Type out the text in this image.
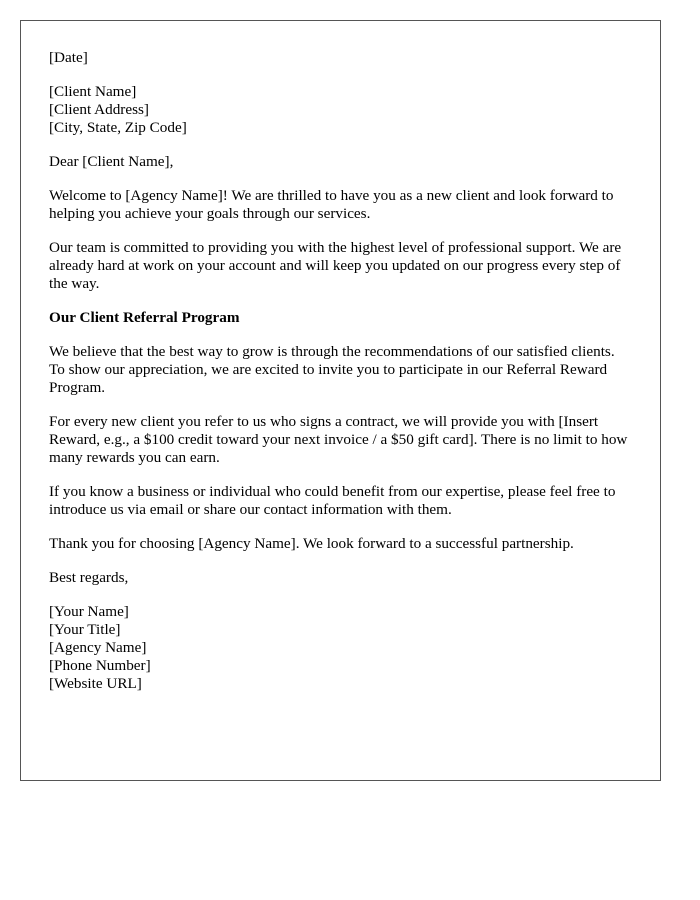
[Date]

[Client Name]
[Client Address]
[City, State, Zip Code]

Dear [Client Name],

Welcome to [Agency Name]! We are thrilled to have you as a new client and look forward to helping you achieve your goals through our services.

Our team is committed to providing you with the highest level of professional support. We are already hard at work on your account and will keep you updated on our progress every step of the way.

Our Client Referral Program

We believe that the best way to grow is through the recommendations of our satisfied clients. To show our appreciation, we are excited to invite you to participate in our Referral Reward Program.

For every new client you refer to us who signs a contract, we will provide you with [Insert Reward, e.g., a $100 credit toward your next invoice / a $50 gift card]. There is no limit to how many rewards you can earn.

If you know a business or individual who could benefit from our expertise, please feel free to introduce us via email or share our contact information with them.

Thank you for choosing [Agency Name]. We look forward to a successful partnership.

Best regards,

[Your Name]
[Your Title]
[Agency Name]
[Phone Number]
[Website URL]
